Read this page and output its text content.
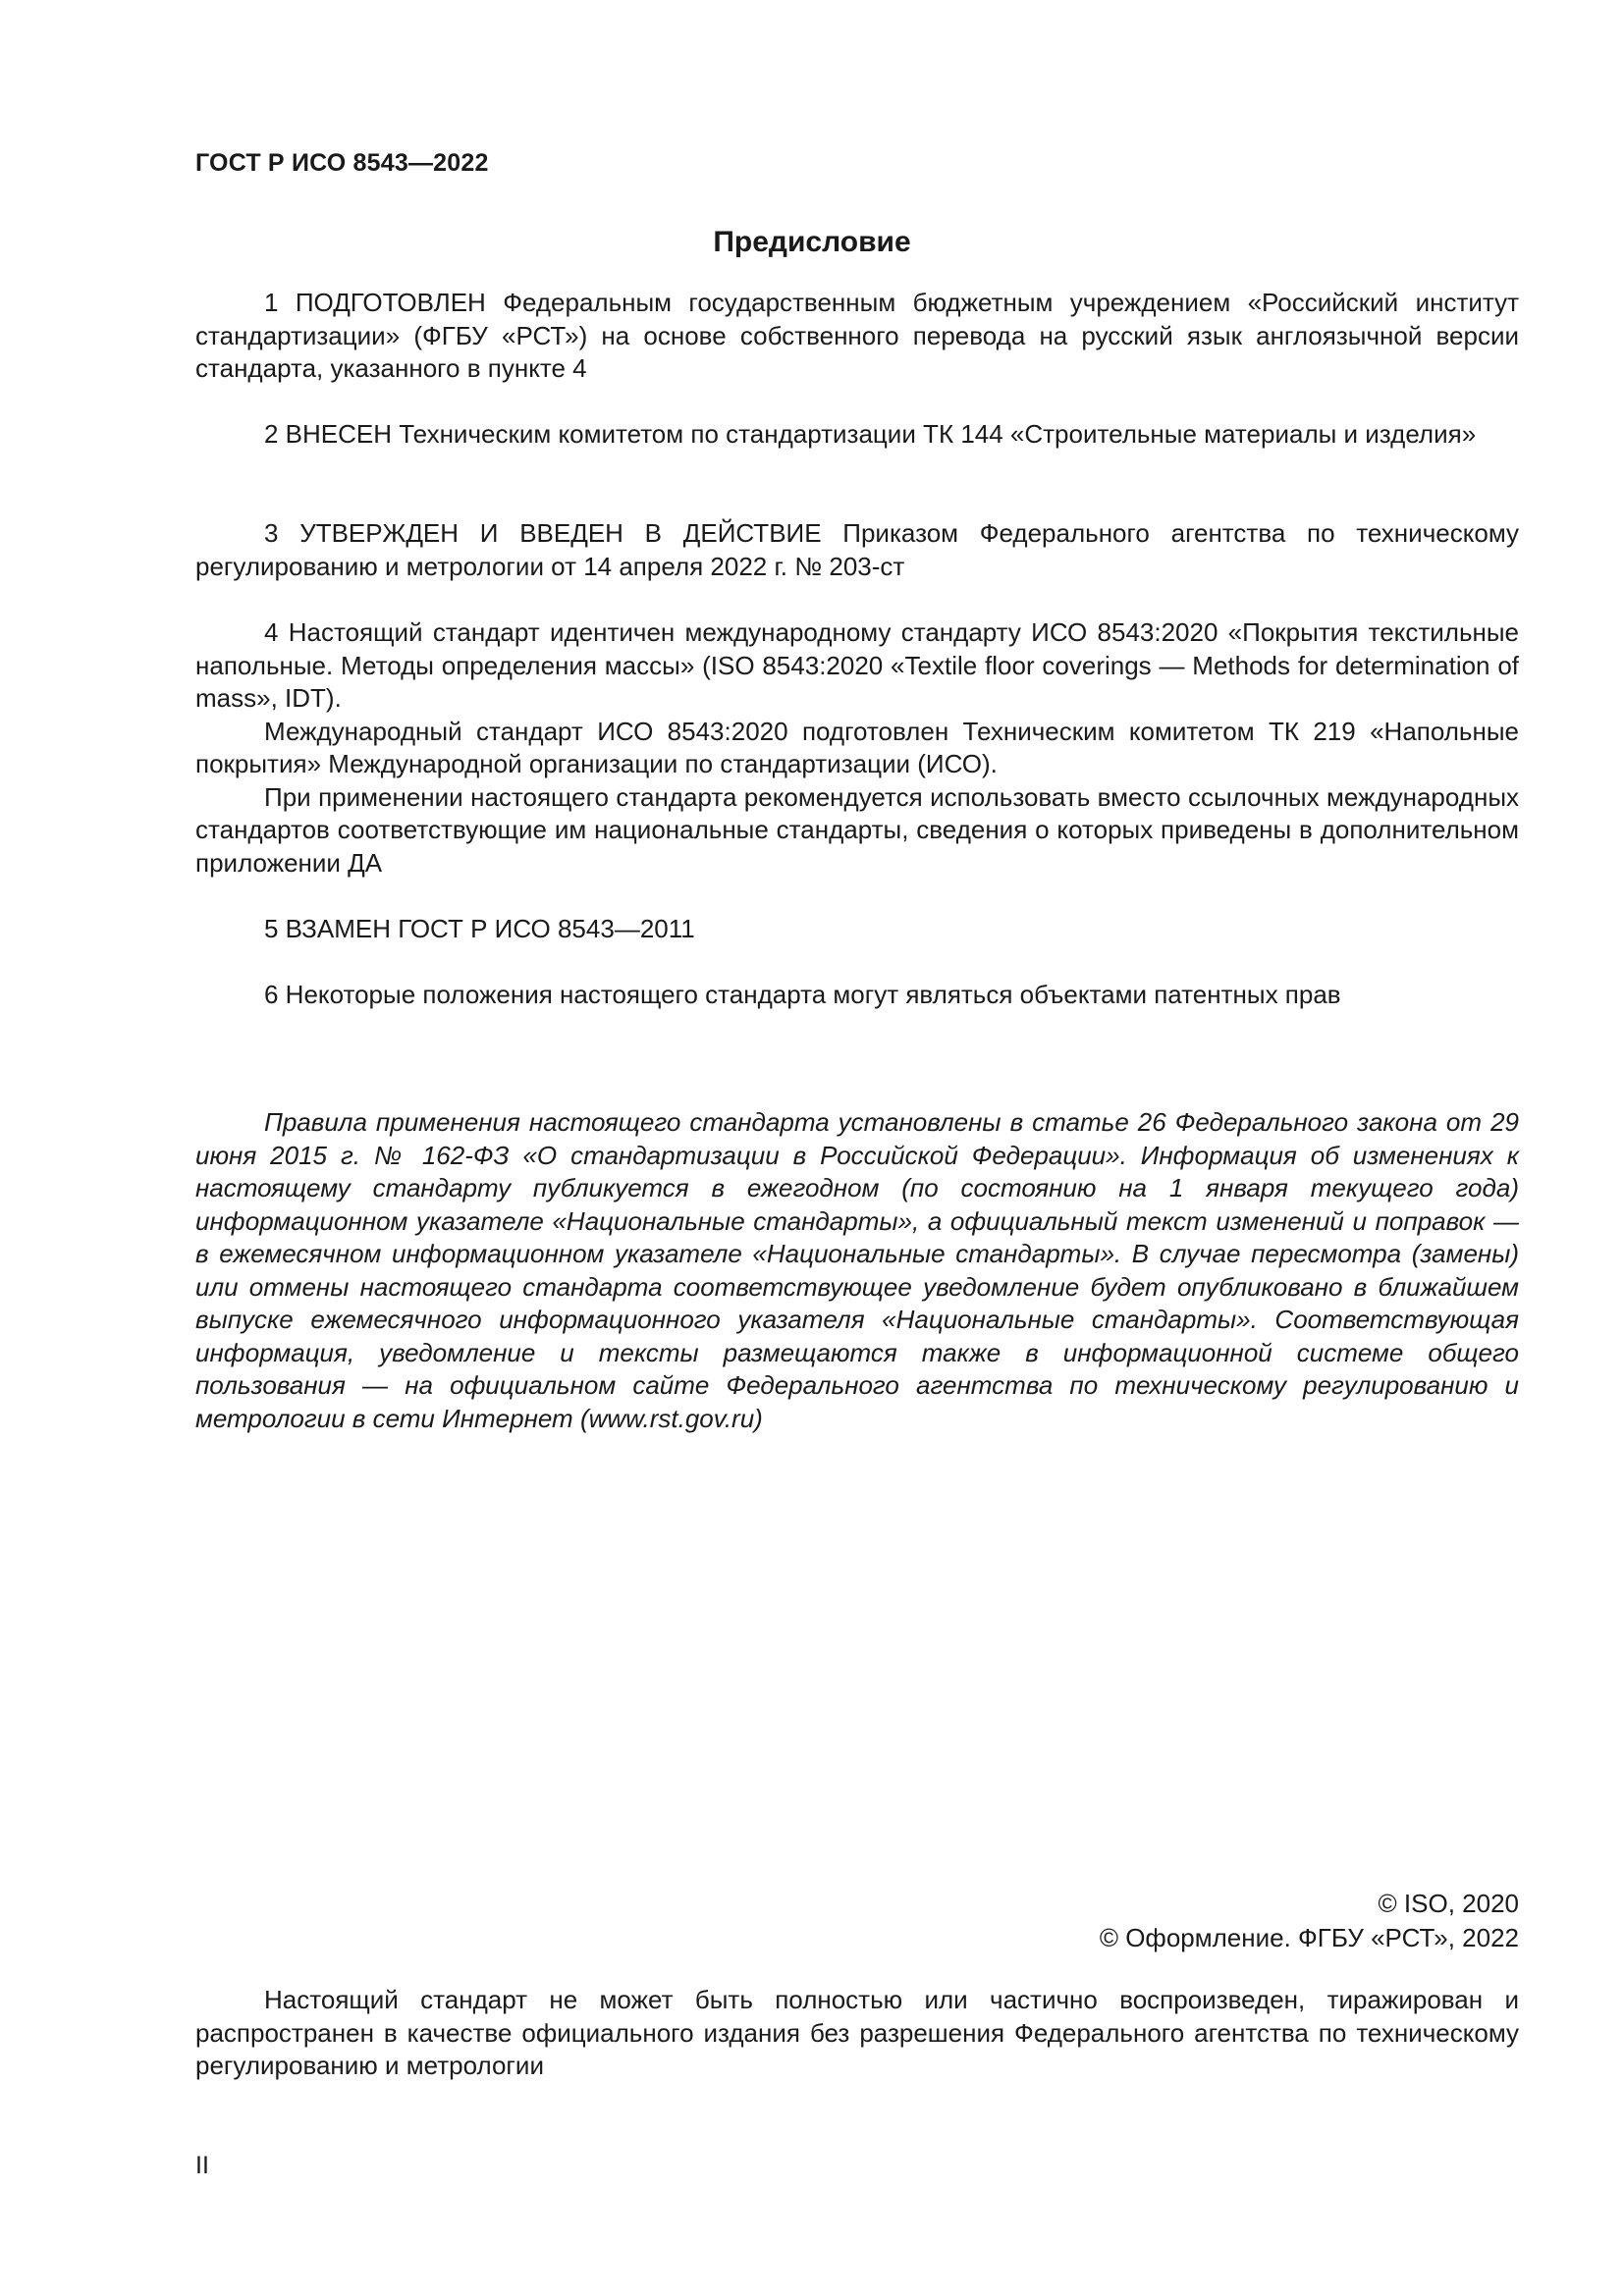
ГОСТ Р ИСО 8543—2022
Предисловие

1 ПОДГОТОВЛЕН Федеральным государственным бюджетным учреждением «Российский институт стандартизации» (ФГБУ «РСТ») на основе собственного перевода на русский язык англоязычной версии стандарта, указанного в пункте 4

2 ВНЕСЕН Техническим комитетом по стандартизации ТК 144 «Строительные материалы и изделия»

3 УТВЕРЖДЕН И ВВЕДЕН В ДЕЙСТВИЕ Приказом Федерального агентства по техническому регулированию и метрологии от 14 апреля 2022 г. № 203-ст

4 Настоящий стандарт идентичен международному стандарту ИСО 8543:2020 «Покрытия текстильные напольные. Методы определения массы» (ISO 8543:2020 «Textile floor coverings — Methods for determination of mass», IDT).

Международный стандарт ИСО 8543:2020 подготовлен Техническим комитетом ТК 219 «Напольные покрытия» Международной организации по стандартизации (ИСО).

При применении настоящего стандарта рекомендуется использовать вместо ссылочных международных стандартов соответствующие им национальные стандарты, сведения о которых приведены в дополнительном приложении ДА

5 ВЗАМЕН ГОСТ Р ИСО 8543—2011

6 Некоторые положения настоящего стандарта могут являться объектами патентных прав

Правила применения настоящего стандарта установлены в статье 26 Федерального закона от 29 июня 2015 г. № 162-ФЗ «О стандартизации в Российской Федерации». Информация об изменениях к настоящему стандарту публикуется в ежегодном (по состоянию на 1 января текущего года) информационном указателе «Национальные стандарты», а официальный текст изменений и поправок — в ежемесячном информационном указателе «Национальные стандарты». В случае пересмотра (замены) или отмены настоящего стандарта соответствующее уведомление будет опубликовано в ближайшем выпуске ежемесячного информационного указателя «Национальные стандарты». Соответствующая информация, уведомление и тексты размещаются также в информационной системе общего пользования — на официальном сайте Федерального агентства по техническому регулированию и метрологии в сети Интернет (www.rst.gov.ru)

© ISO, 2020
© Оформление. ФГБУ «РСТ», 2022

Настоящий стандарт не может быть полностью или частично воспроизведен, тиражирован и распространен в качестве официального издания без разрешения Федерального агентства по техническому регулированию и метрологии

II
